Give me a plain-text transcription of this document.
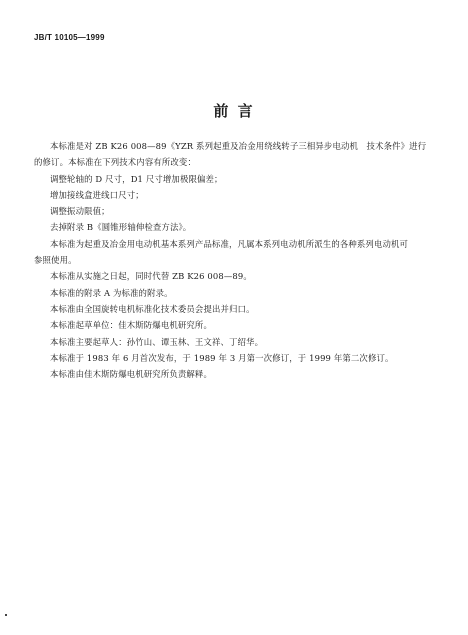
JB/T 10105—1999
前 言
本标准是对 ZB K26 008—89《YZR 系列起重及冶金用绕线转子三相异步电动机　技术条件》进行
的修订。本标准在下列技术内容有所改变：
调整轮轴的 D 尺寸，D1 尺寸增加极限偏差；
增加接线盒进线口尺寸；
调整振动限值；
去掉附录 B《圆锥形轴伸检查方法》。
本标准为起重及冶金用电动机基本系列产品标准，凡属本系列电动机所派生的各种系列电动机可
参照使用。
本标准从实施之日起，同时代替 ZB K26 008—89。
本标准的附录 A 为标准的附录。
本标准由全国旋转电机标准化技术委员会提出并归口。
本标准起草单位：佳木斯防爆电机研究所。
本标准主要起草人：孙竹山、谭玉林、王文祥、丁绍华。
本标准于 1983 年 6 月首次发布，于 1989 年 3 月第一次修订，于 1999 年第二次修订。
本标准由佳木斯防爆电机研究所负责解释。
